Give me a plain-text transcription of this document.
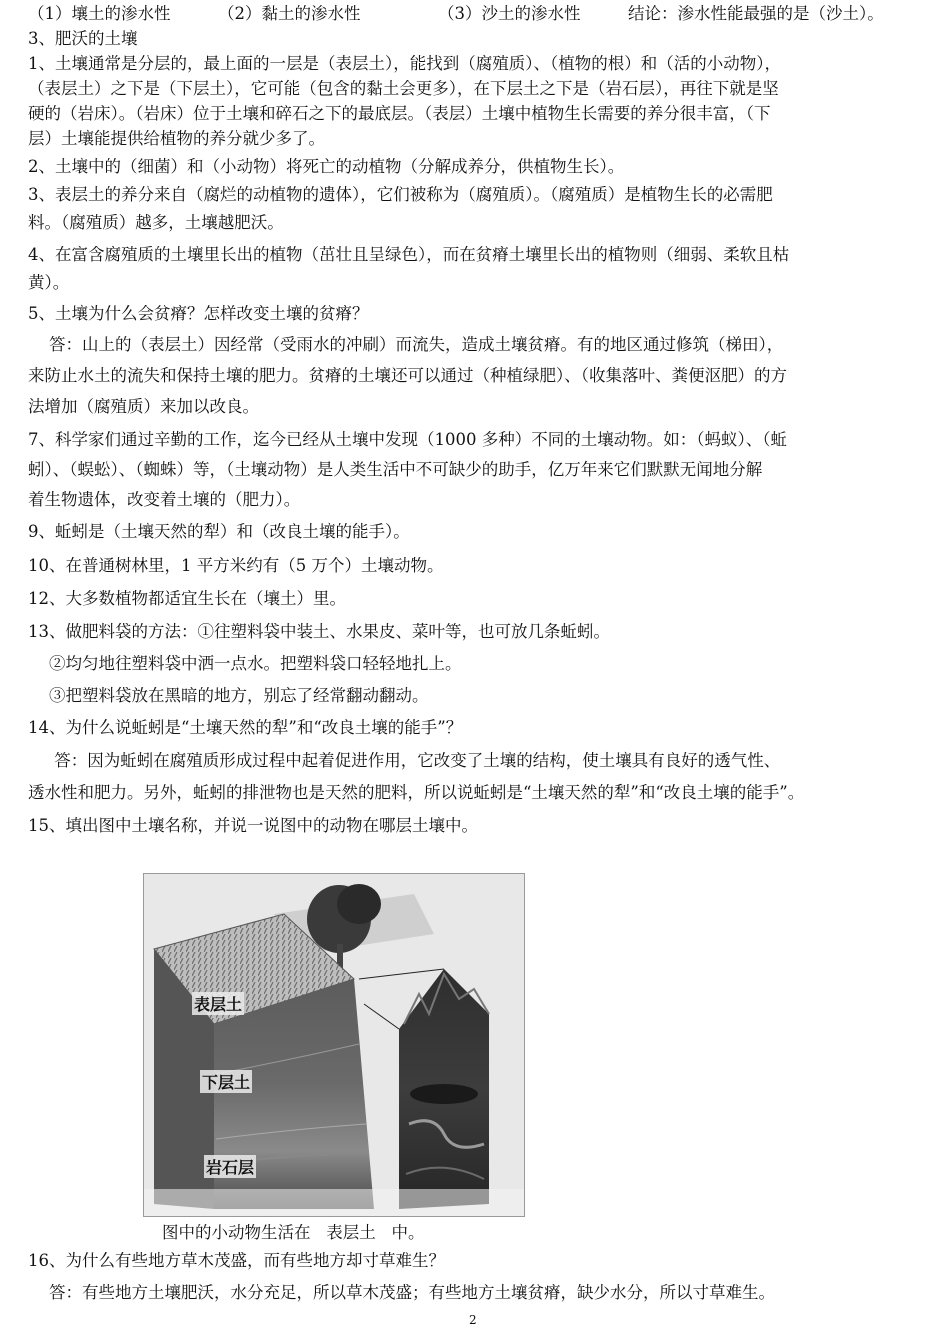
（1）壤土的渗水性

	（2）黏土的渗水性

	（3）沙土的渗水性

	结论：渗水性能最强的是（沙土）。

3、肥沃的土壤
1、土壤通常是分层的，最上面的一层是（表层土），能找到（腐殖质）、（植物的根）和（活的小动物），
（表层土）之下是（下层土），它可能（包含的黏土会更多），在下层土之下是（岩石层），再往下就是坚
硬的（岩床）。（岩床）位于土壤和碎石之下的最底层。（表层）土壤中植物生长需要的养分很丰富，（下
层）土壤能提供给植物的养分就少多了。
2、土壤中的（细菌）和（小动物）将死亡的动植物（分解成养分，供植物生长）。
3、表层土的养分来自（腐烂的动植物的遗体），它们被称为（腐殖质）。（腐殖质）是植物生长的必需肥
料。（腐殖质）越多，土壤越肥沃。
4、在富含腐殖质的土壤里长出的植物（茁壮且呈绿色），而在贫瘠土壤里长出的植物则（细弱、柔软且枯
黄）。
5、土壤为什么会贫瘠？怎样改变土壤的贫瘠？
答：山上的（表层土）因经常（受雨水的冲刷）而流失，造成土壤贫瘠。有的地区通过修筑（梯田），
来防止水土的流失和保持土壤的肥力。贫瘠的土壤还可以通过（种植绿肥）、（收集落叶、粪便沤肥）的方
法增加（腐殖质）来加以改良。
7、科学家们通过辛勤的工作，迄今已经从土壤中发现（1000 多种）不同的土壤动物。如：（蚂蚁）、（蚯
蚓）、（蜈蚣）、（蜘蛛）等，（土壤动物）是人类生活中不可缺少的助手，亿万年来它们默默无闻地分解
着生物遗体，改变着土壤的（肥力）。
9、蚯蚓是（土壤天然的犁）和（改良土壤的能手）。
10、在普通树林里，1 平方米约有（5 万个）土壤动物。
12、大多数植物都适宜生长在（壤土）里。
13、做肥料袋的方法：①往塑料袋中装土、水果皮、菜叶等，也可放几条蚯蚓。
②均匀地往塑料袋中洒一点水。把塑料袋口轻轻地扎上。
③把塑料袋放在黑暗的地方，别忘了经常翻动翻动。
14、为什么说蚯蚓是“土壤天然的犁”和“改良土壤的能手”？
答：因为蚯蚓在腐殖质形成过程中起着促进作用，它改变了土壤的结构，使土壤具有良好的透气性、
透水性和肥力。另外，蚯蚓的排泄物也是天然的肥料，所以说蚯蚓是“土壤天然的犁”和“改良土壤的能手”。
15、填出图中土壤名称，并说一说图中的动物在哪层土壤中。
表层土
下层土
岩石层
图中的小动物生活在   表层土   中。
16、为什么有些地方草木茂盛，而有些地方却寸草难生？
答：有些地方土壤肥沃，水分充足，所以草木茂盛；有些地方土壤贫瘠，缺少水分，所以寸草难生。
2
